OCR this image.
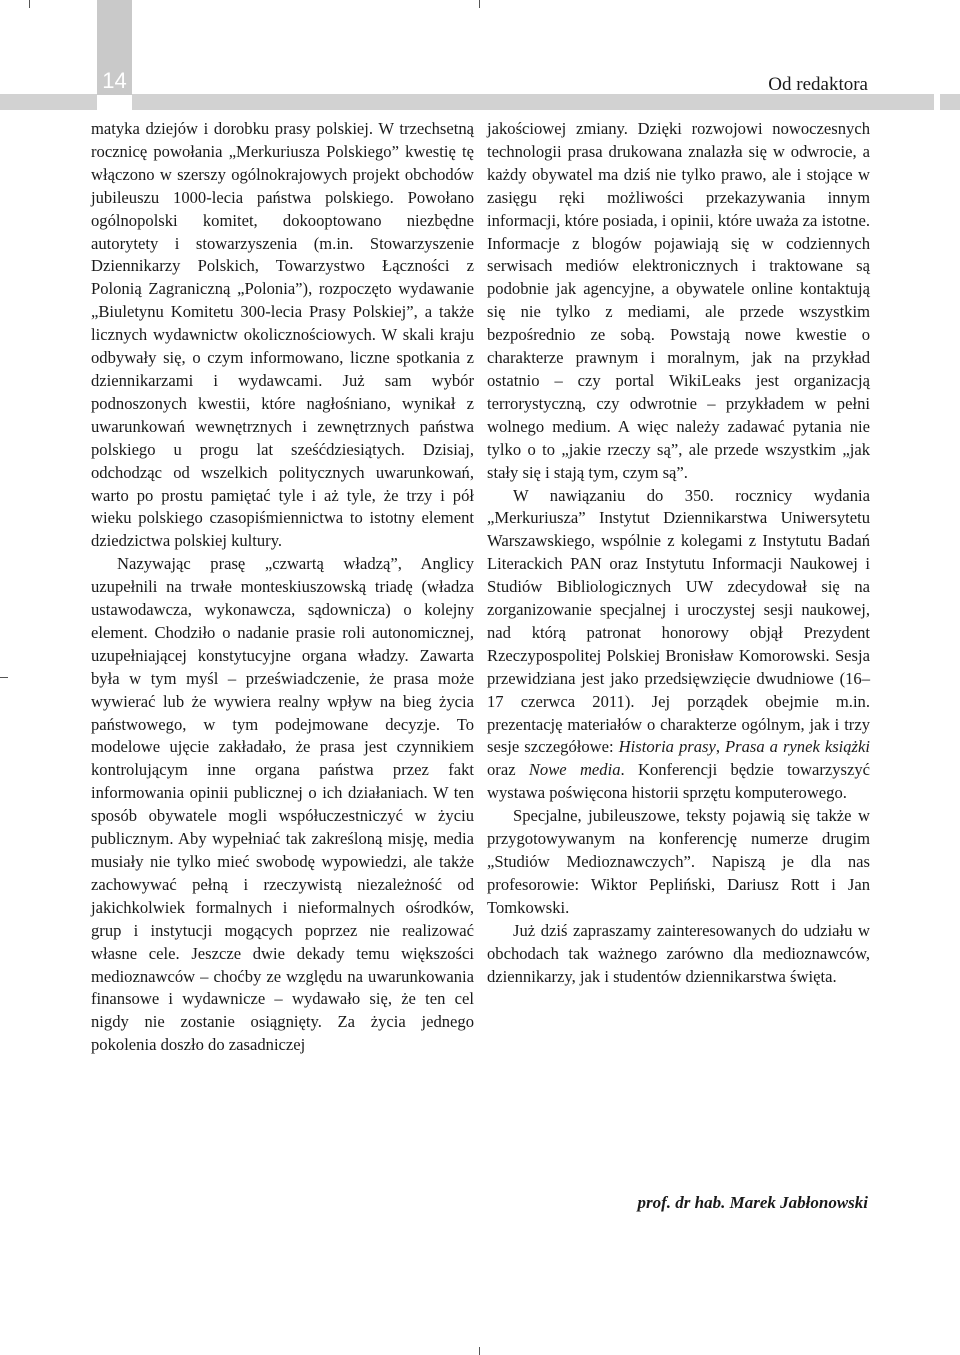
14	Od redaktora

matyka dziejów i dorobku prasy polskiej. W trzechsetną rocznicę powołania „Merkuriusza Polskiego” kwestię tę włączono w szerszy ogólnokrajowych projekt obchodów jubileuszu 1000-lecia państwa polskiego. Powołano ogólnopolski komitet, dokooptowano niezbędne autorytety i stowarzyszenia (m.in. Stowarzyszenie Dziennikarzy Polskich, Towarzystwo Łączności z Polonią Zagraniczną „Polonia”), rozpoczęto wydawanie „Biuletynu Komitetu 300-lecia Prasy Polskiej”, a także licznych wydawnictw okolicznościowych. W skali kraju odbywały się, o czym informowano, liczne spotkania z dziennikarzami i wydawcami. Już sam wybór podnoszonych kwestii, które nagłośniano, wynikał z uwarunkowań wewnętrznych i zewnętrznych państwa polskiego u progu lat sześćdziesiątych. Dzisiaj, odchodząc od wszelkich politycznych uwarunkowań, warto po prostu pamiętać tyle i aż tyle, że trzy i pół wieku polskiego czasopiśmiennictwa to istotny element dziedzictwa polskiej kultury.

Nazywając prasę „czwartą władzą”, Anglicy uzupełnili na trwałe monteskiuszowską triadę (władza ustawodawcza, wykonawcza, sądownicza) o kolejny element. Chodziło o nadanie prasie roli autonomicznej, uzupełniającej konstytucyjne organa władzy. Zawarta była w tym myśl – przeświadczenie, że prasa może wywierać lub że wywiera realny wpływ na bieg życia państwowego, w tym podejmowane decyzje. To modelowe ujęcie zakładało, że prasa jest czynnikiem kontrolującym inne organa państwa przez fakt informowania opinii publicznej o ich działaniach. W ten sposób obywatele mogli współuczestniczyć w życiu publicznym. Aby wypełniać tak zakreśloną misję, media musiały nie tylko mieć swobodę wypowiedzi, ale także zachowywać pełną i rzeczywistą niezależność od jakichkolwiek formalnych i nieformalnych ośrodków, grup i instytucji mogących poprzez nie realizować własne cele. Jeszcze dwie dekady temu większości medioznawców – choćby ze względu na uwarunkowania finansowe i wydawnicze – wydawało się, że ten cel nigdy nie zostanie osiągnięty. Za życia jednego pokolenia doszło do zasadniczej

jakościowej zmiany. Dzięki rozwojowi nowoczesnych technologii prasa drukowana znalazła się w odwrocie, a każdy obywatel ma dziś nie tylko prawo, ale i stojące w zasięgu ręki możliwości przekazywania innym informacji, które posiada, i opinii, które uważa za istotne. Informacje z blogów pojawiają się w codziennych serwisach mediów elektronicznych i traktowane są podobnie jak agencyjne, a obywatele online kontaktują się nie tylko z mediami, ale przede wszystkim bezpośrednio ze sobą. Powstają nowe kwestie o charakterze prawnym i moralnym, jak na przykład ostatnio – czy portal WikiLeaks jest organizacją terrorystyczną, czy odwrotnie – przykładem w pełni wolnego medium. A więc należy zadawać pytania nie tylko o to „jakie rzeczy są”, ale przede wszystkim „jak stały się i stają tym, czym są”.

W nawiązaniu do 350. rocznicy wydania „Merkuriusza” Instytut Dziennikarstwa Uniwersytetu Warszawskiego, wspólnie z kolegami z Instytutu Badań Literackich PAN oraz Instytutu Informacji Naukowej i Studiów Bibliologicznych UW zdecydował się na zorganizowanie specjalnej i uroczystej sesji naukowej, nad którą patronat honorowy objął Prezydent Rzeczypospolitej Polskiej Bronisław Komorowski. Sesja przewidziana jest jako przedsięwzięcie dwudniowe (16–17 czerwca 2011). Jej porządek obejmie m.in. prezentację materiałów o charakterze ogólnym, jak i trzy sesje szczegółowe: Historia prasy, Prasa a rynek książki oraz Nowe media. Konferencji będzie towarzyszyć wystawa poświęcona historii sprzętu komputerowego.

Specjalne, jubileuszowe, teksty pojawią się także w przygotowywanym na konferencję numerze drugim „Studiów Medioznawczych”. Napiszą je dla nas profesorowie: Wiktor Pepliński, Dariusz Rott i Jan Tomkowski.

Już dziś zapraszamy zainteresowanych do udziału w obchodach tak ważnego zarówno dla medioznawców, dziennikarzy, jak i studentów dziennikarstwa święta.

prof. dr hab. Marek Jabłonowski
